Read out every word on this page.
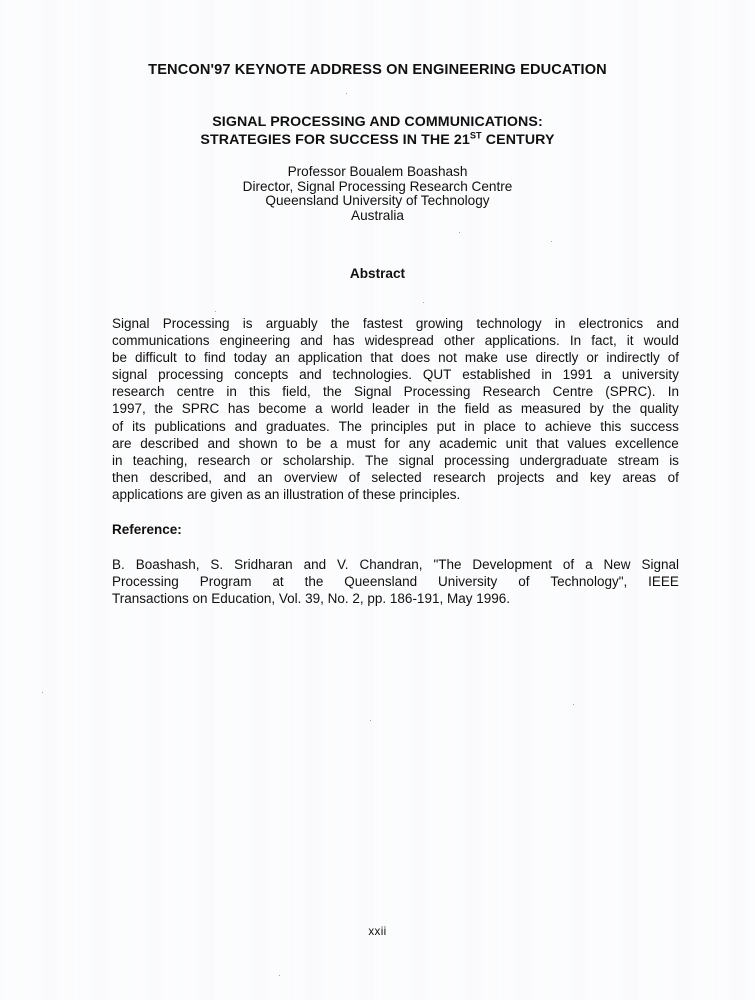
TENCON'97 KEYNOTE ADDRESS ON ENGINEERING EDUCATION
SIGNAL PROCESSING AND COMMUNICATIONS:
STRATEGIES FOR SUCCESS IN THE 21ST CENTURY
Professor Boualem Boashash
Director, Signal Processing Research Centre
Queensland University of Technology
Australia
Abstract
Signal Processing is arguably the fastest growing technology in electronics and
communications engineering and has widespread other applications. In fact, it would
be difficult to find today an application that does not make use directly or indirectly of
signal processing concepts and technologies. QUT established in 1991 a university
research centre in this field, the Signal Processing Research Centre (SPRC). In
1997, the SPRC has become a world leader in the field as measured by the quality
of its publications and graduates. The principles put in place to achieve this success
are described and shown to be a must for any academic unit that values excellence
in teaching, research or scholarship. The signal processing undergraduate stream is
then described, and an overview of selected research projects and key areas of
applications are given as an illustration of these principles.
Reference:
B. Boashash, S. Sridharan and V. Chandran, "The Development of a New Signal
Processing Program at the Queensland University of Technology", IEEE
Transactions on Education, Vol. 39, No. 2, pp. 186-191, May 1996.
xxii
